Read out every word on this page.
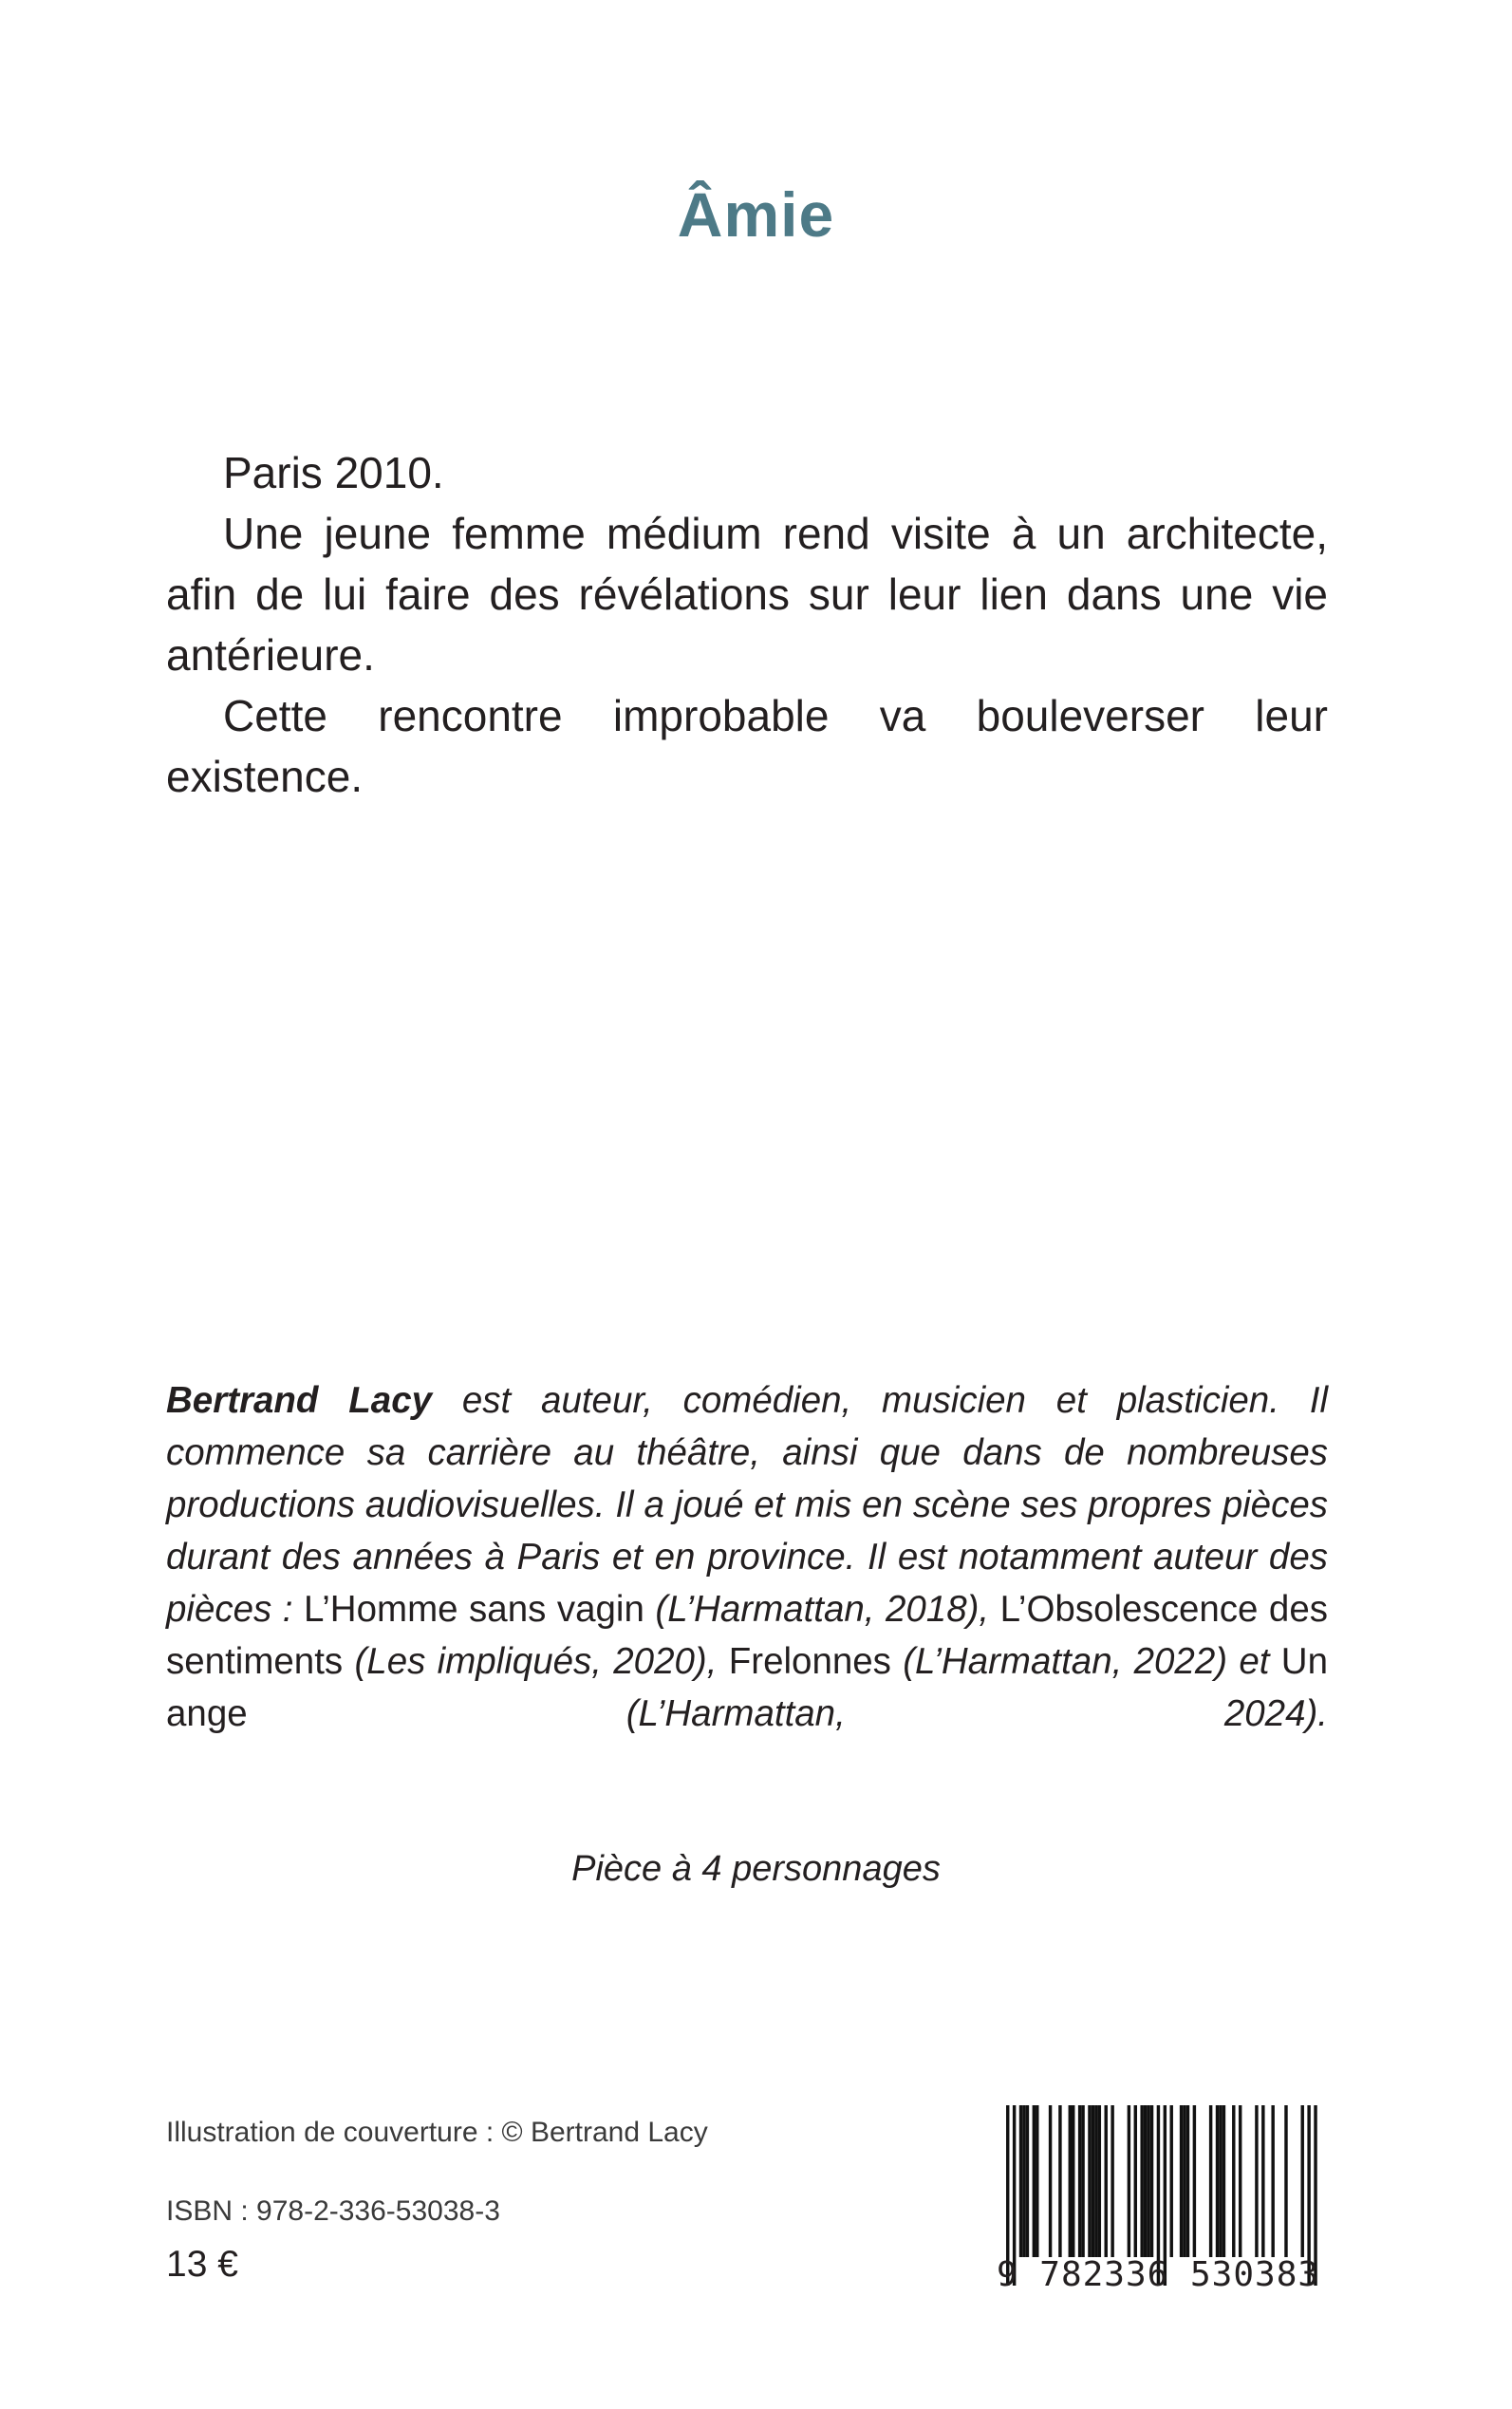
Âmie

Paris 2010.

Une jeune femme médium rend visite à un architecte, afin de lui faire des révélations sur leur lien dans une vie antérieure.

Cette rencontre improbable va bouleverser leur existence.

Bertrand Lacy est auteur, comédien, musicien et plasticien. Il commence sa carrière au théâtre, ainsi que dans de nombreuses productions audiovisuelles. Il a joué et mis en scène ses propres pièces durant des années à Paris et en province. Il est notamment auteur des pièces : L’Homme sans vagin (L’Harmattan, 2018), L’Obsolescence des sentiments (Les impliqués, 2020), Frelonnes (L’Harmattan, 2022) et Un ange (L’Harmattan, 2024).

Pièce à 4 personnages
Illustration de couverture : © Bertrand Lacy
ISBN : 978-2-336-53038-3
13 €	9 782336 530383
